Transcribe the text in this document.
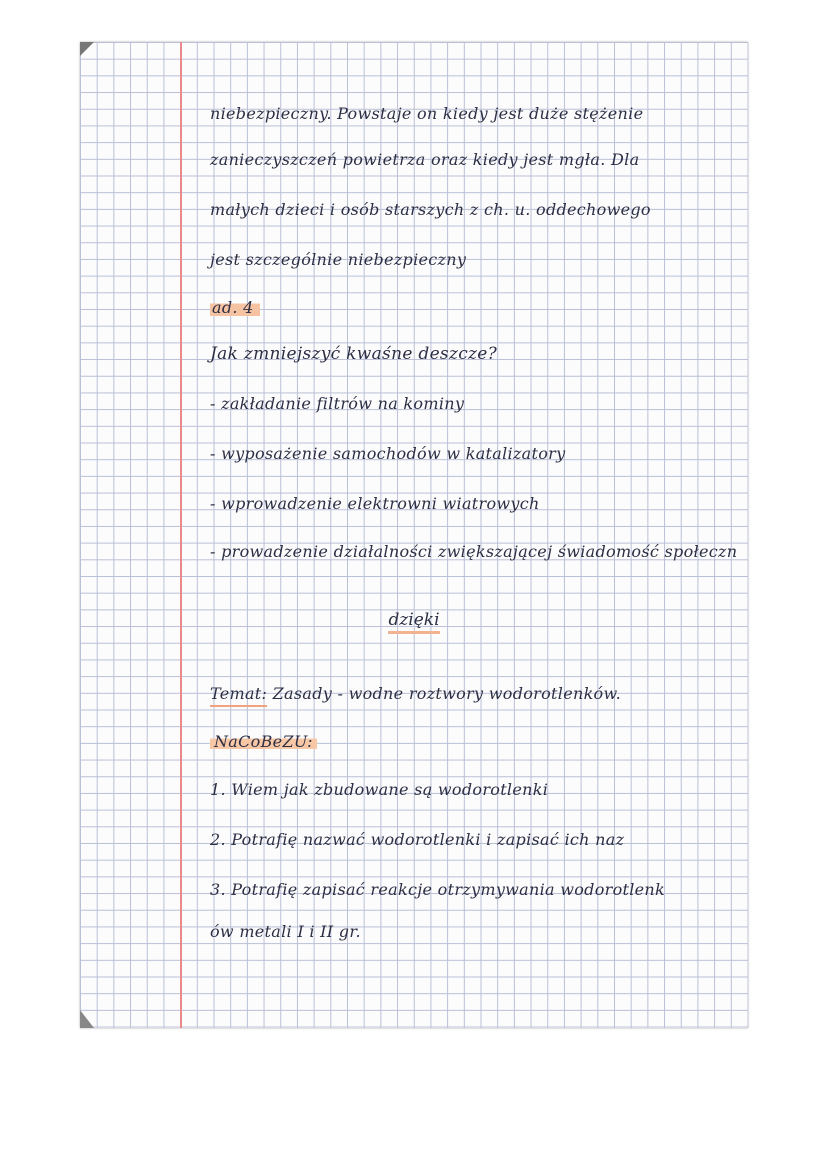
niebezpieczny. Powstaje on kiedy jest duże stężenie
zanieczyszczeń powietrza oraz kiedy jest mgła. Dla
małych dzieci i osób starszych z ch. u. oddechowego
jest szczególnie niebezpieczny
ad. 4
Jak zmniejszyć kwaśne deszcze?
- zakładanie filtrów na kominy
- wyposażenie samochodów w katalizatory
- wprowadzenie elektrowni wiatrowych
- prowadzenie działalności zwiększającej świadomość społeczn
dzięki
Temat: Zasady - wodne roztwory wodorotlenków.
NaCoBeZU:
1. Wiem jak zbudowane są wodorotlenki
2. Potrafię nazwać wodorotlenki i zapisać ich naz
3. Potrafię zapisać reakcje otrzymywania wodorotlenk
ów metali I i II gr.
